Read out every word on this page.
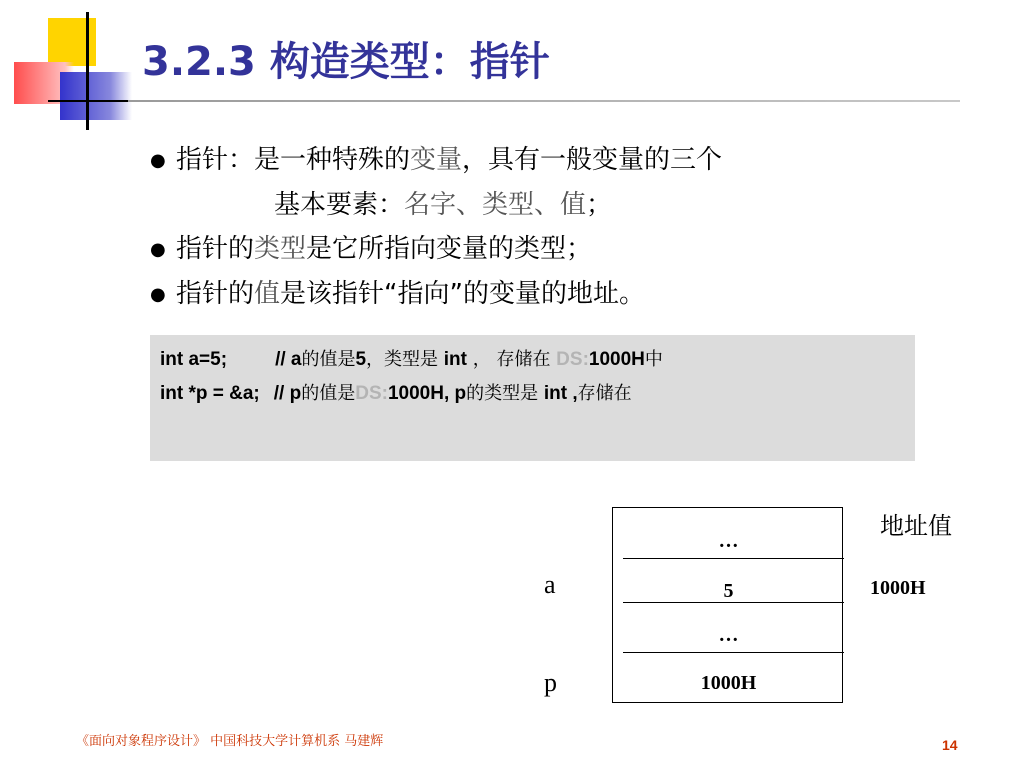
3.2.3 构造类型：指针
● 指针：是一种特殊的变量，具有一般变量的三个
基本要素：名字、类型、值；
● 指针的类型是它所指向变量的类型；
● 指针的值是该指针“指向”的变量的地址。
int a=5;	// a的值是5，类型是 int ， 存储在 DS:1000H中
int *p = &a; // p的值是DS:1000H, p的类型是 int ,存储在
地址值
…
5
…
1000H
a
p
1000H
《面向对象程序设计》 中国科技大学计算机系 马建辉	14
